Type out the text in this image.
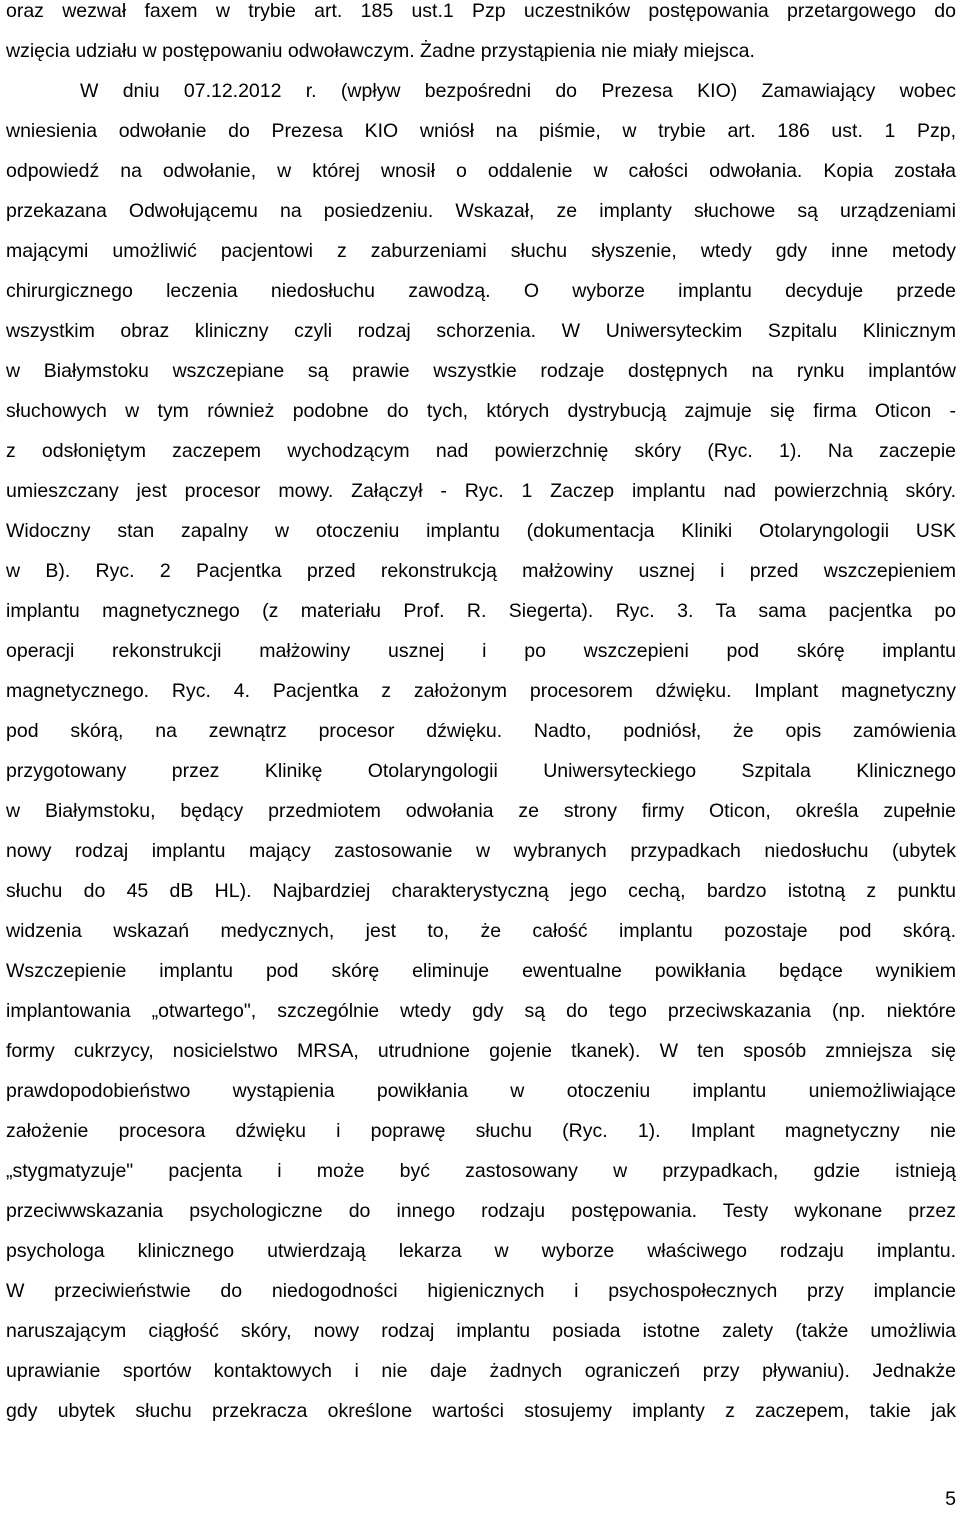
oraz wezwał faxem w trybie art. 185 ust.1 Pzp uczestników postępowania przetargowego do
wzięcia udziału w postępowaniu odwoławczym. Żadne przystąpienia nie miały miejsca.
W dniu 07.12.2012 r. (wpływ bezpośredni do Prezesa KIO) Zamawiający wobec
wniesienia odwołanie do Prezesa KIO wniósł na piśmie, w trybie art. 186 ust. 1 Pzp,
odpowiedź na odwołanie, w której wnosił o oddalenie w całości odwołania. Kopia została
przekazana Odwołującemu na posiedzeniu. Wskazał, ze implanty słuchowe są urządzeniami
mającymi umożliwić pacjentowi z zaburzeniami słuchu słyszenie, wtedy gdy inne metody
chirurgicznego leczenia niedosłuchu zawodzą. O wyborze implantu decyduje przede
wszystkim obraz kliniczny czyli rodzaj schorzenia. W Uniwersyteckim Szpitalu Klinicznym
w Białymstoku wszczepiane są prawie wszystkie rodzaje dostępnych na rynku implantów
słuchowych w tym również podobne do tych, których dystrybucją zajmuje się firma Oticon -
z odsłoniętym zaczepem wychodzącym nad powierzchnię skóry (Ryc. 1). Na zaczepie
umieszczany jest procesor mowy. Załączył - Ryc. 1 Zaczep implantu nad powierzchnią skóry.
Widoczny stan zapalny w otoczeniu implantu (dokumentacja Kliniki Otolaryngologii USK
w B). Ryc. 2 Pacjentka przed rekonstrukcją małżowiny usznej i przed wszczepieniem
implantu magnetycznego (z materiału Prof. R. Siegerta). Ryc. 3. Ta sama pacjentka po
operacji rekonstrukcji małżowiny usznej i po wszczepieni pod skórę implantu
magnetycznego. Ryc. 4. Pacjentka z założonym procesorem dźwięku. Implant magnetyczny
pod skórą, na zewnątrz procesor dźwięku. Nadto, podniósł, że opis zamówienia
przygotowany przez Klinikę Otolaryngologii Uniwersyteckiego Szpitala Klinicznego
w Białymstoku, będący przedmiotem odwołania ze strony firmy Oticon, określa zupełnie
nowy rodzaj implantu mający zastosowanie w wybranych przypadkach niedosłuchu (ubytek
słuchu do 45 dB HL). Najbardziej charakterystyczną jego cechą, bardzo istotną z punktu
widzenia wskazań medycznych, jest to, że całość implantu pozostaje pod skórą.
Wszczepienie implantu pod skórę eliminuje ewentualne powikłania będące wynikiem
implantowania „otwartego", szczególnie wtedy gdy są do tego przeciwskazania (np. niektóre
formy cukrzycy, nosicielstwo MRSA, utrudnione gojenie tkanek). W ten sposób zmniejsza się
prawdopodobieństwo wystąpienia powikłania w otoczeniu implantu uniemożliwiające
założenie procesora dźwięku i poprawę słuchu (Ryc. 1). Implant magnetyczny nie
„stygmatyzuje" pacjenta i może być zastosowany w przypadkach, gdzie istnieją
przeciwwskazania psychologiczne do innego rodzaju postępowania. Testy wykonane przez
psychologa klinicznego utwierdzają lekarza w wyborze właściwego rodzaju implantu.
W przeciwieństwie do niedogodności higienicznych i psychospołecznych przy implancie
naruszającym ciągłość skóry, nowy rodzaj implantu posiada istotne zalety (także umożliwia
uprawianie sportów kontaktowych i nie daje żadnych ograniczeń przy pływaniu). Jednakże
gdy ubytek słuchu przekracza określone wartości stosujemy implanty z zaczepem, takie jak
5
